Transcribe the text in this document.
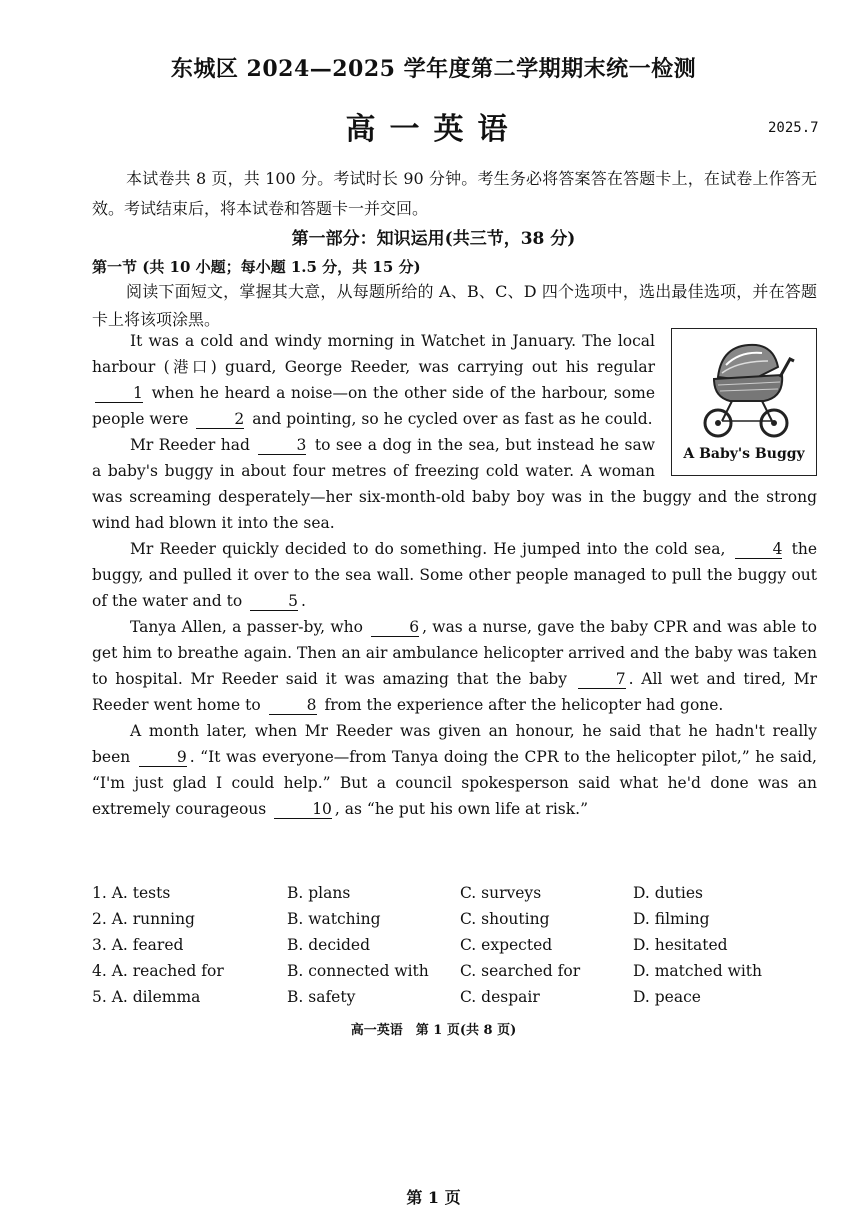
东城区 2024—2025 学年度第二学期期末统一检测
高一英语	2025.7
本试卷共 8 页，共 100 分。考试时长 90 分钟。考生务必将答案答在答题卡上，在试卷上作答无效。考试结束后，将本试卷和答题卡一并交回。
第一部分：知识运用(共三节，38 分)
第一节 (共 10 小题；每小题 1.5 分，共 15 分)
阅读下面短文，掌握其大意，从每题所给的 A、B、C、D 四个选项中，选出最佳选项，并在答题卡上将该项涂黑。
A Baby's Buggy

It was a cold and windy morning in Watchet in January. The local harbour (港口) guard, George Reeder, was carrying out his regular 1 when he heard a noise—on the other side of the harbour, some people were	2 and pointing, so he cycled over as fast as he could.

Mr Reeder had	3 to see a dog in the sea, but instead he saw a baby's buggy in about four metres of freezing cold water. A woman was screaming desperately—her six-month-old baby boy was in the buggy and the strong wind had blown it into the sea.

Mr Reeder quickly decided to do something. He jumped into the cold sea,	4 the buggy, and pulled it over to the sea wall. Some other people managed to pull the buggy out of the water and to	5 .

Tanya Allen, a passer-by, who	6 , was a nurse, gave the baby CPR and was able to get him to breathe again. Then an air ambulance helicopter arrived and the baby was taken to hospital. Mr Reeder said it was amazing that the baby	7 . All wet and tired, Mr Reeder went home to	8 from the experience after the helicopter had gone.

A month later, when Mr Reeder was given an honour, he said that he hadn't really been	9 . “It was everyone—from Tanya doing the CPR to the helicopter pilot,” he said, “I'm just glad I could help.” But a council spokesperson said what he'd done was an extremely courageous	10 , as “he put his own life at risk.”

1. A. tests	B. plans	C. surveys	D. duties
2. A. running	B. watching	C. shouting	D. filming
3. A. feared	B. decided	C. expected	D. hesitated
4. A. reached for	B. connected with	C. searched for	D. matched with
5. A. dilemma	B. safety	C. despair	D. peace
高一英语　第 1 页(共 8 页)
第 1 页
